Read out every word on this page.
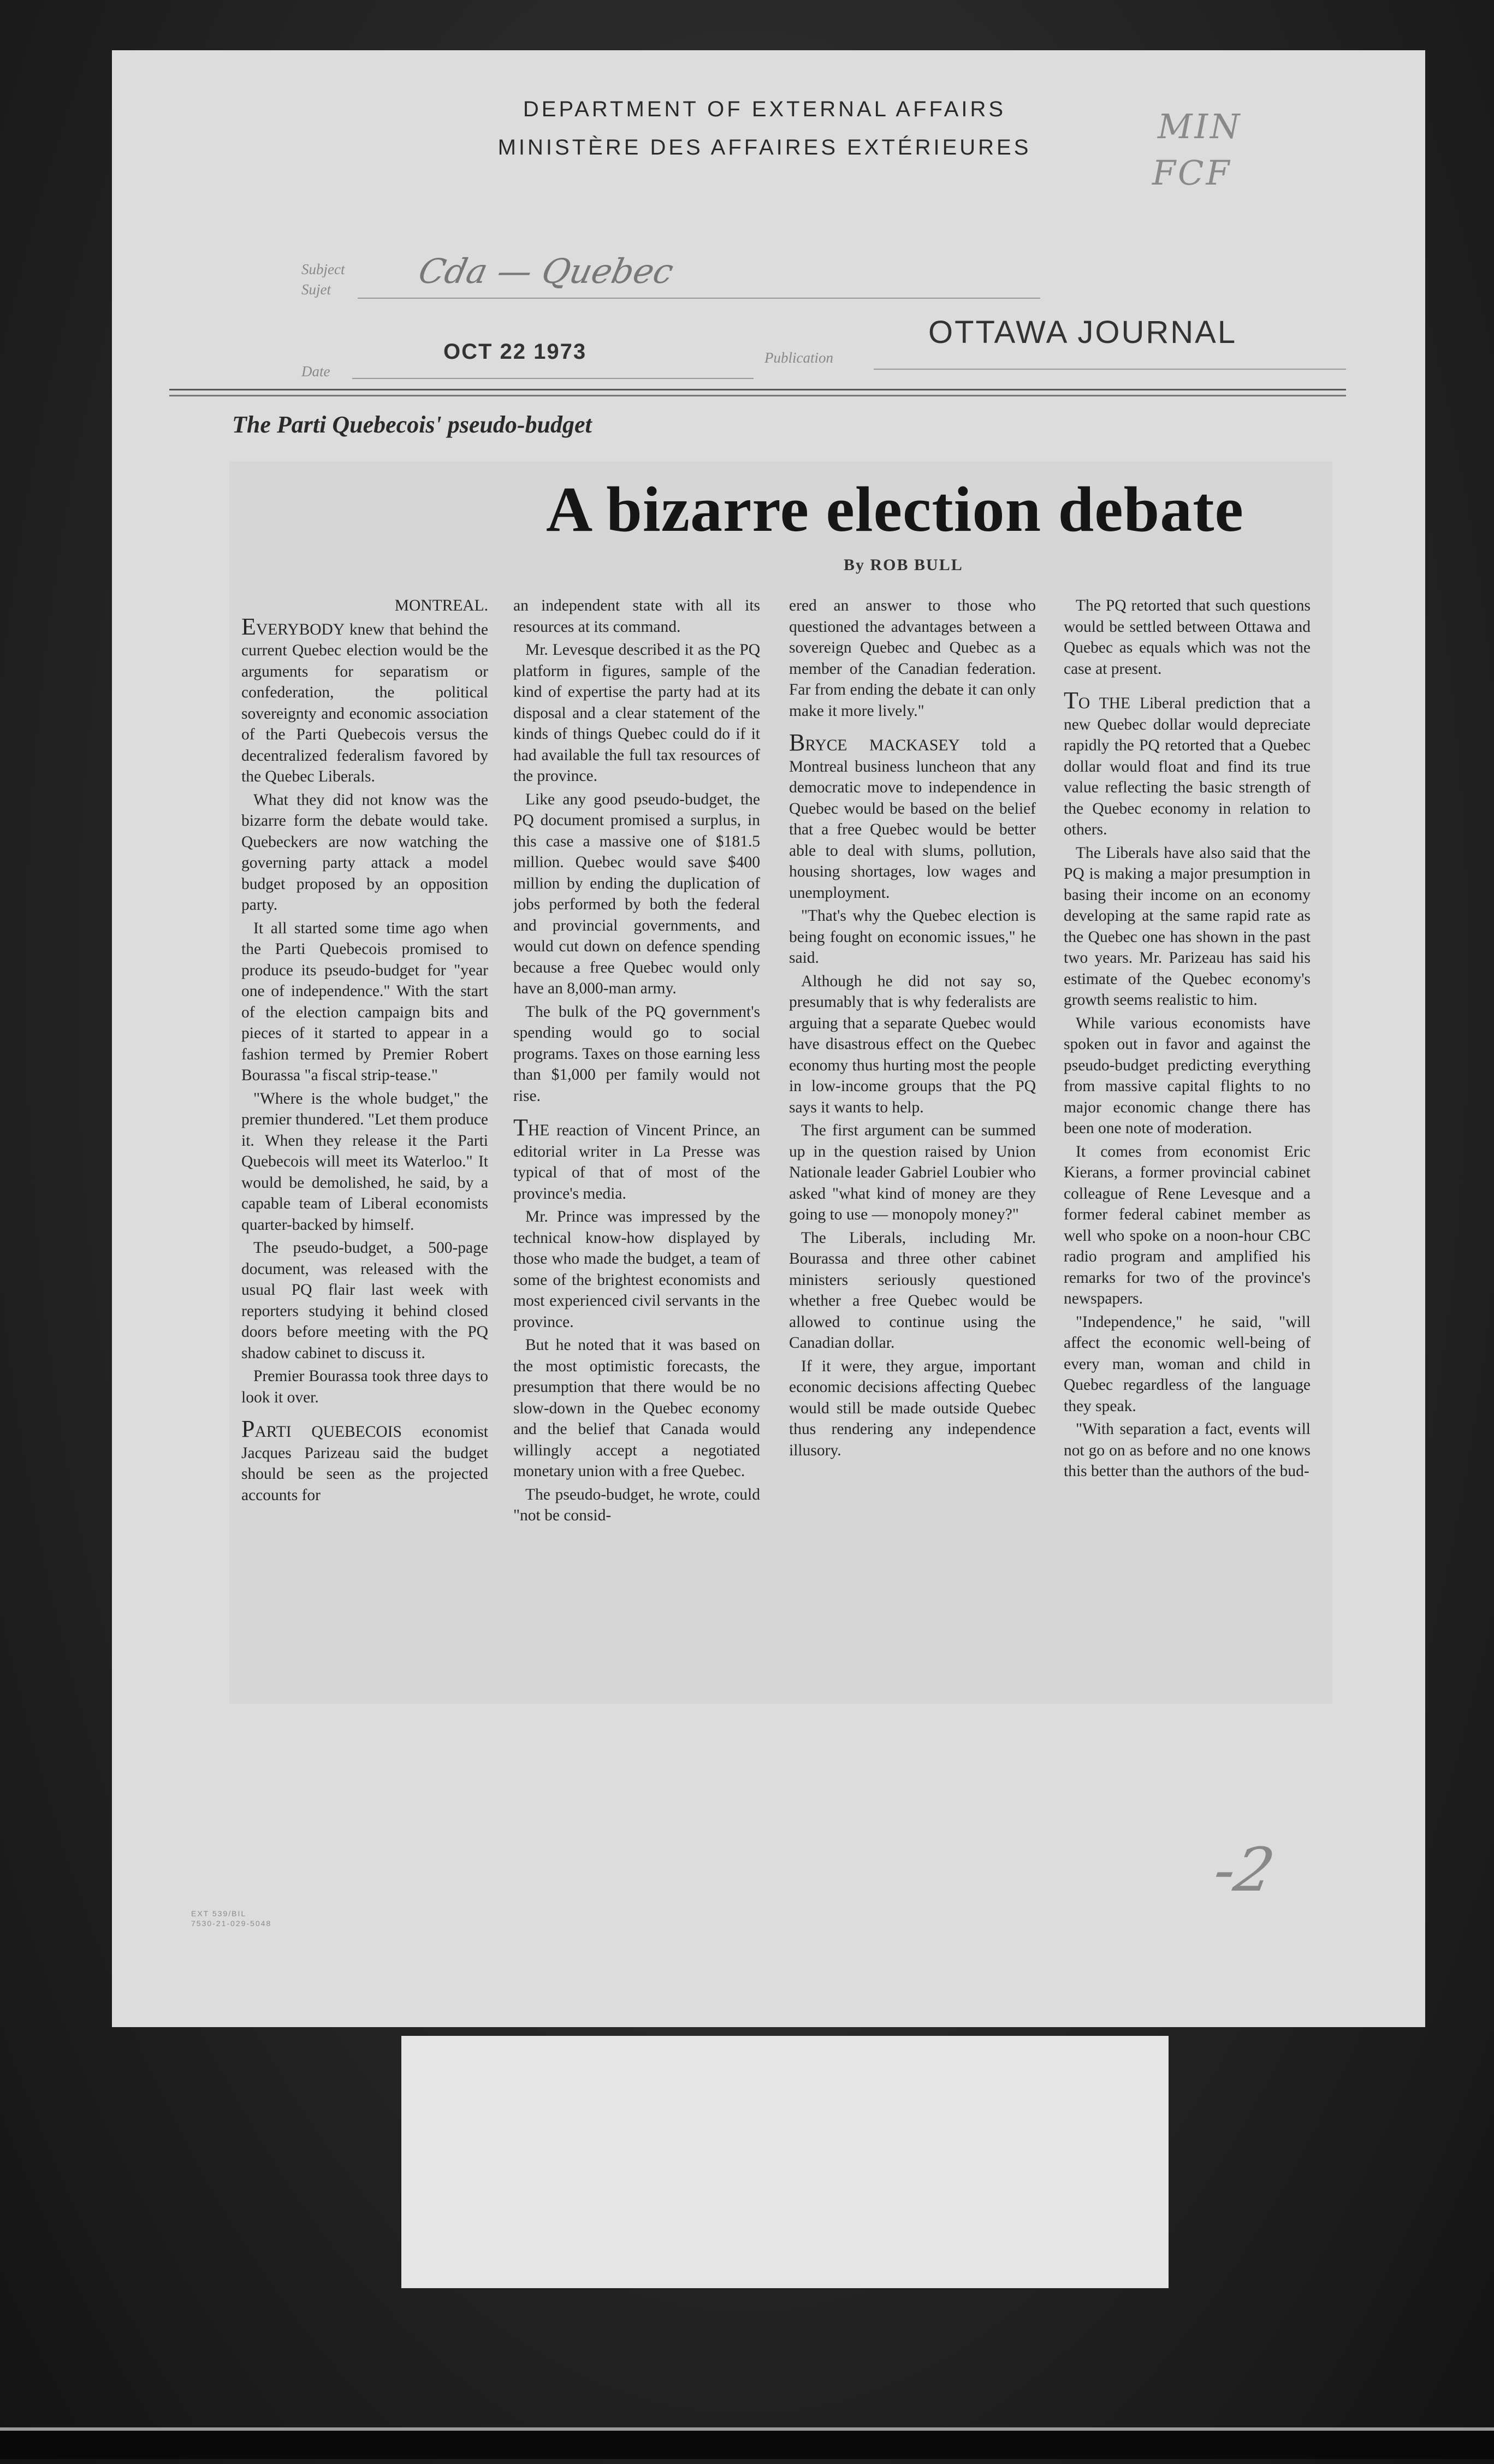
DEPARTMENT OF EXTERNAL AFFAIRS
MINISTÈRE DES AFFAIRES EXTÉRIEURES
MIN
FCF
Subject
Sujet Cda — Quebec
Date
OCT 22 1973	Publication
OTTAWA JOURNAL
The Parti Quebecois' pseudo-budget
A bizarre election debate
By ROB BULL

MONTREAL.

EVERYBODY knew that behind the current Quebec election would be the arguments for separatism or confederation, the political sovereignty and economic association of the Parti Quebecois versus the decentralized federalism favored by the Quebec Liberals.

What they did not know was the bizarre form the debate would take. Quebeckers are now watching the governing party attack a model budget proposed by an opposition party.

It all started some time ago when the Parti Quebecois promised to produce its pseudo-budget for "year one of independence." With the start of the election campaign bits and pieces of it started to appear in a fashion termed by Premier Robert Bourassa "a fiscal strip-tease."

"Where is the whole budget," the premier thundered. "Let them produce it. When they release it the Parti Quebecois will meet its Waterloo." It would be demolished, he said, by a capable team of Liberal economists quarter-backed by himself.

The pseudo-budget, a 500-page document, was released with the usual PQ flair last week with reporters studying it behind closed doors before meeting with the PQ shadow cabinet to discuss it.

Premier Bourassa took three days to look it over.

PARTI QUEBECOIS economist Jacques Parizeau said the budget should be seen as the projected accounts for

an independent state with all its resources at its command.

Mr. Levesque described it as the PQ platform in figures, sample of the kind of expertise the party had at its disposal and a clear statement of the kinds of things Quebec could do if it had available the full tax resources of the province.

Like any good pseudo-budget, the PQ document promised a surplus, in this case a massive one of $181.5 million. Quebec would save $400 million by ending the duplication of jobs performed by both the federal and provincial governments, and would cut down on defence spending because a free Quebec would only have an 8,000-man army.

The bulk of the PQ government's spending would go to social programs. Taxes on those earning less than $1,000 per family would not rise.

THE reaction of Vincent Prince, an editorial writer in La Presse was typical of that of most of the province's media.

Mr. Prince was impressed by the technical know-how displayed by those who made the budget, a team of some of the brightest economists and most experienced civil servants in the province.

But he noted that it was based on the most optimistic forecasts, the presumption that there would be no slow-down in the Quebec economy and the belief that Canada would willingly accept a negotiated monetary union with a free Quebec.

The pseudo-budget, he wrote, could "not be consid-

ered an answer to those who questioned the advantages between a sovereign Quebec and Quebec as a member of the Canadian federation. Far from ending the debate it can only make it more lively."

BRYCE MACKASEY told a Montreal business luncheon that any democratic move to independence in Quebec would be based on the belief that a free Quebec would be better able to deal with slums, pollution, housing shortages, low wages and unemployment.

"That's why the Quebec election is being fought on economic issues," he said.

Although he did not say so, presumably that is why federalists are arguing that a separate Quebec would have disastrous effect on the Quebec economy thus hurting most the people in low-income groups that the PQ says it wants to help.

The first argument can be summed up in the question raised by Union Nationale leader Gabriel Loubier who asked "what kind of money are they going to use — monopoly money?"

The Liberals, including Mr. Bourassa and three other cabinet ministers seriously questioned whether a free Quebec would be allowed to continue using the Canadian dollar.

If it were, they argue, important economic decisions affecting Quebec would still be made outside Quebec thus rendering any independence illusory.

The PQ retorted that such questions would be settled between Ottawa and Quebec as equals which was not the case at present.

TO THE Liberal prediction that a new Quebec dollar would depreciate rapidly the PQ retorted that a Quebec dollar would float and find its true value reflecting the basic strength of the Quebec economy in relation to others.

The Liberals have also said that the PQ is making a major presumption in basing their income on an economy developing at the same rapid rate as the Quebec one has shown in the past two years. Mr. Parizeau has said his estimate of the Quebec economy's growth seems realistic to him.

While various economists have spoken out in favor and against the pseudo-budget predicting everything from massive capital flights to no major economic change there has been one note of moderation.

It comes from economist Eric Kierans, a former provincial cabinet colleague of Rene Levesque and a former federal cabinet member as well who spoke on a noon-hour CBC radio program and amplified his remarks for two of the province's newspapers.

"Independence," he said, "will affect the economic well-being of every man, woman and child in Quebec regardless of the language they speak.

"With separation a fact, events will not go on as before and no one knows this better than the authors of the bud-

-2
EXT 539/BIL
7530-21-029-5048
